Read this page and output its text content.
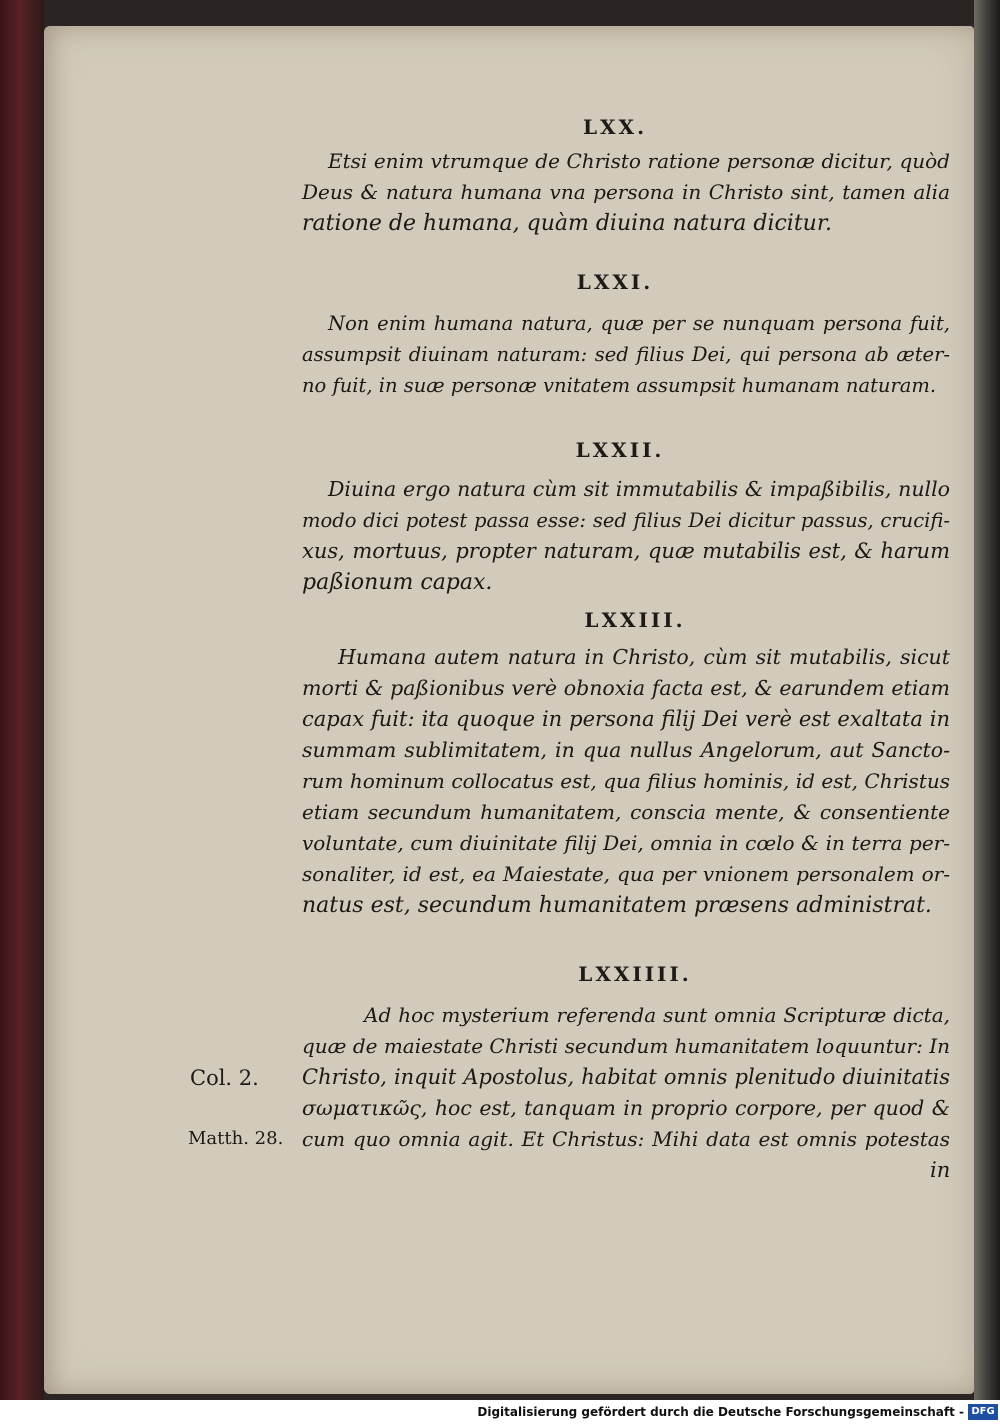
LXX.
Etsi enim vtrumque de Christo ratione personæ dicitur, quòd
Deus & natura humana vna persona in Christo sint, tamen alia
ratione de humana, quàm diuina natura dicitur.
LXXI.
Non enim humana natura, quæ per se nunquam persona fuit,
assumpsit diuinam naturam: sed filius Dei, qui persona ab æter-
no fuit, in suæ personæ vnitatem assumpsit humanam naturam.
LXXII.
Diuina ergo natura cùm sit immutabilis & impaßibilis, nullo
modo dici potest passa esse: sed filius Dei dicitur passus, crucifi-
xus, mortuus, propter naturam, quæ mutabilis est, & harum
paßionum capax.
LXXIII.
Humana autem natura in Christo, cùm sit mutabilis, sicut
morti & paßionibus verè obnoxia facta est, & earundem etiam
capax fuit: ita quoque in persona filij Dei verè est exaltata in
summam sublimitatem, in qua nullus Angelorum, aut Sancto-
rum hominum collocatus est, qua filius hominis, id est, Christus
etiam secundum humanitatem, conscia mente, & consentiente
voluntate, cum diuinitate filij Dei, omnia in cœlo & in terra per-
sonaliter, id est, ea Maiestate, qua per vnionem personalem or-
natus est, secundum humanitatem præsens administrat.
LXXIIII.
Ad hoc mysterium referenda sunt omnia Scripturæ dicta,
quæ de maiestate Christi secundum humanitatem loquuntur: In
Christo, inquit Apostolus, habitat omnis plenitudo diuinitatis
σωματικῶς, hoc est, tanquam in proprio corpore, per quod &
cum quo omnia agit. Et Christus: Mihi data est omnis potestas
in
Col. 2.
Matth. 28.
Digitalisierung gefördert durch die Deutsche Forschungsgemeinschaft - DFG
